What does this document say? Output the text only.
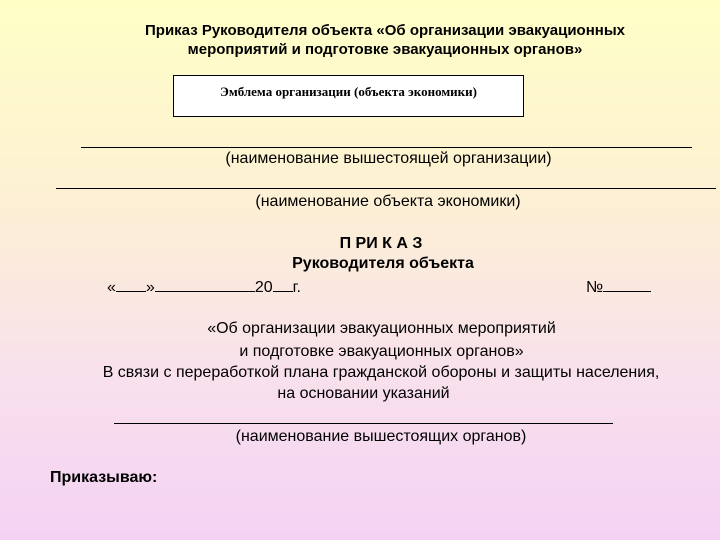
Приказ Руководителя объекта «Об организации эвакуационных
мероприятий и подготовке эвакуационных органов»
Эмблема организации (объекта экономики)
(наименование вышестоящей организации)
(наименование объекта экономики)
П РИ К А З
Руководителя объекта
« »	20 г.	№
«Об организации эвакуационных мероприятий
и подготовке эвакуационных органов»
В связи с переработкой плана гражданской обороны и защиты населения,
на основании указаний
(наименование вышестоящих органов)
Приказываю:
